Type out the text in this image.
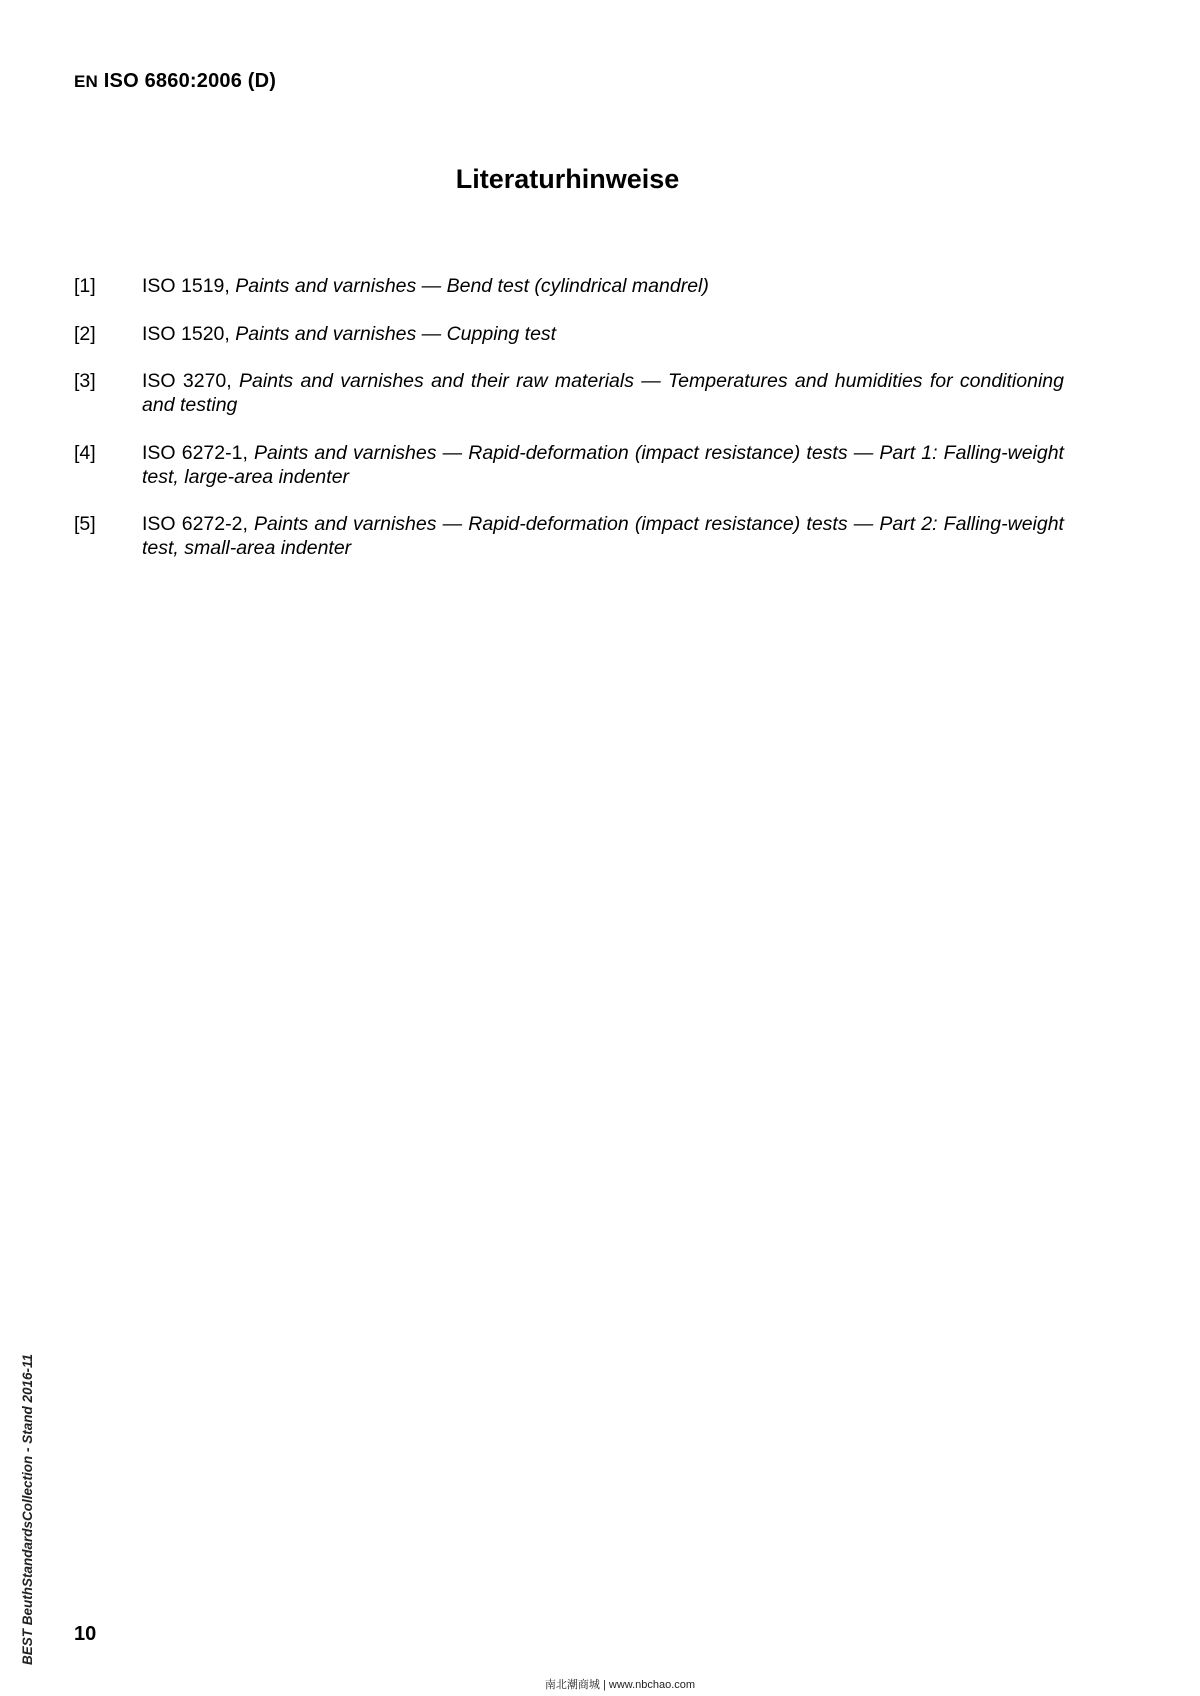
EN ISO 6860:2006 (D)
Literaturhinweise
[1]	ISO 1519, Paints and varnishes — Bend test (cylindrical mandrel)
[2]	ISO 1520, Paints and varnishes — Cupping test
[3]	ISO 3270, Paints and varnishes and their raw materials — Temperatures and humidities for conditioning and testing
[4]	ISO 6272-1, Paints and varnishes — Rapid-deformation (impact resistance) tests — Part 1: Falling-weight test, large-area indenter
[5]	ISO 6272-2, Paints and varnishes — Rapid-deformation (impact resistance) tests — Part 2: Falling-weight test, small-area indenter
BEST BeuthStandardsCollection - Stand 2016-11 10
南北潮商城 | www.nbchao.com
